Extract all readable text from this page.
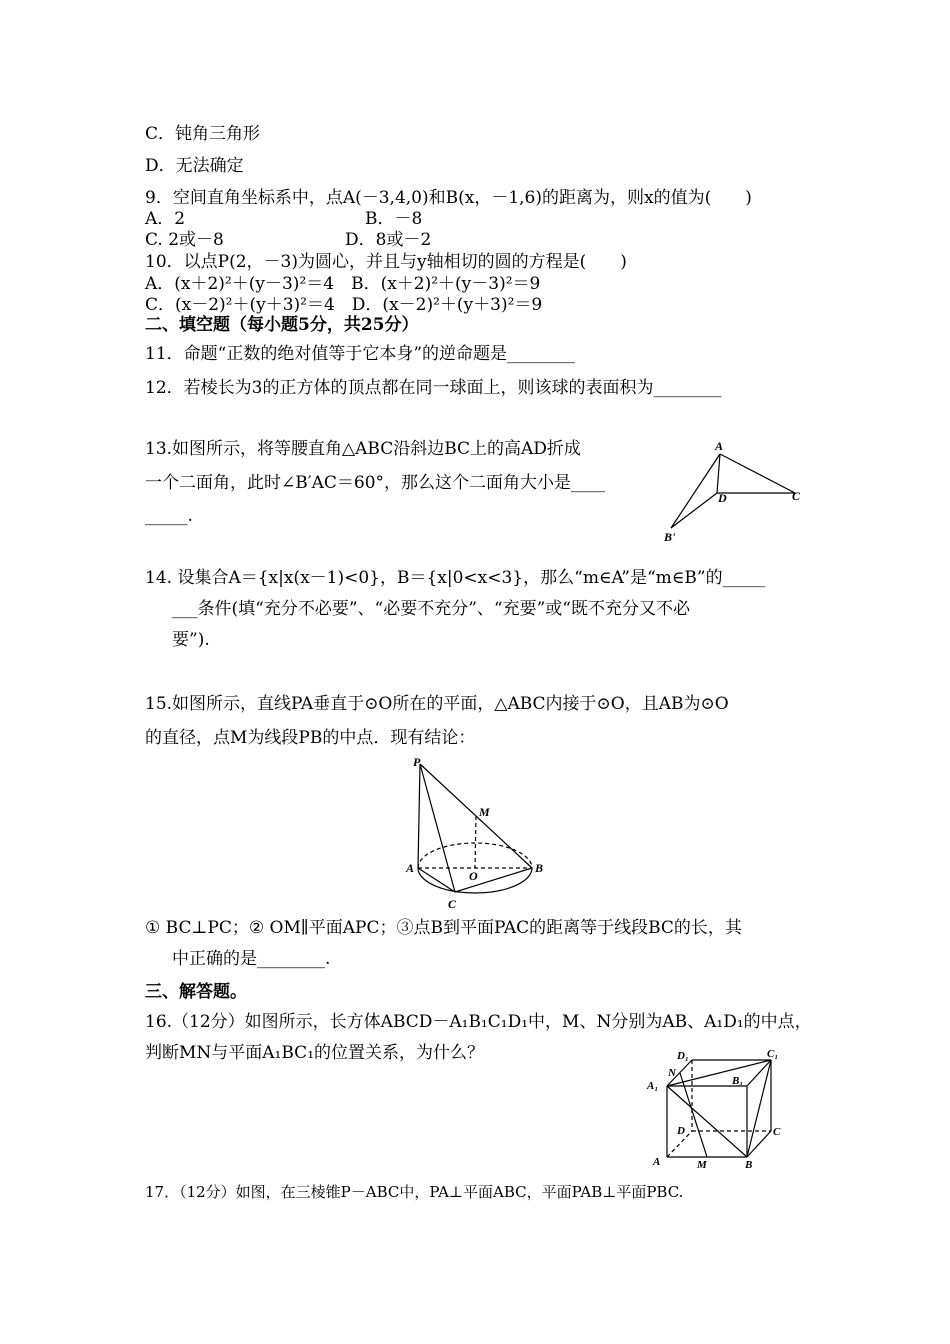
C．钝角三角形
D．无法确定
9．空间直角坐标系中，点A(－3,4,0)和B(x，－1,6)的距离为，则x的值为(　　)
A．2	B．－8
C. 2或－8	D．8或－2
10．以点P(2，－3)为圆心，并且与y轴相切的圆的方程是(　　)
A．(x＋2)²＋(y－3)²＝4　B．(x＋2)²＋(y－3)²＝9
C．(x－2)²＋(y＋3)²＝4　D．(x－2)²＋(y＋3)²＝9
二、填空题（每小题5分，共25分）
11．命题“正数的绝对值等于它本身”的逆命题是________
12．若棱长为3的正方体的顶点都在同一球面上，则该球的表面积为________
13.如图所示，将等腰直角△ABC沿斜边BC上的高AD折成
一个二面角，此时∠B′AC＝60°，那么这个二面角大小是____
_____.
A
D	C
B'
14. 设集合A＝{x|x(x－1)<0}，B＝{x|0<x<3}，那么“m∈A”是“m∈B”的_____
___条件(填“充分不必要”、“必要不充分”、“充要”或“既不充分又不必
要”).
15.如图所示，直线PA垂直于⊙O所在的平面，△ABC内接于⊙O，且AB为⊙O
的直径，点M为线段PB的中点．现有结论：
P
M
A
O
B
C
① BC⊥PC；② OM∥平面APC；③点B到平面PAC的距离等于线段BC的长，其
中正确的是________.
三、解答题。
16.（12分）如图所示，长方体ABCD－A₁B₁C₁D₁中，M、N分别为AB、A₁D₁的中点，
判断MN与平面A₁BC₁的位置关系，为什么？	D₁	C₁
N
A₁	B₁
D	C
A	M	B
17．（12分）如图，在三棱锥P－ABC中，PA⊥平面ABC，平面PAB⊥平面PBC.
